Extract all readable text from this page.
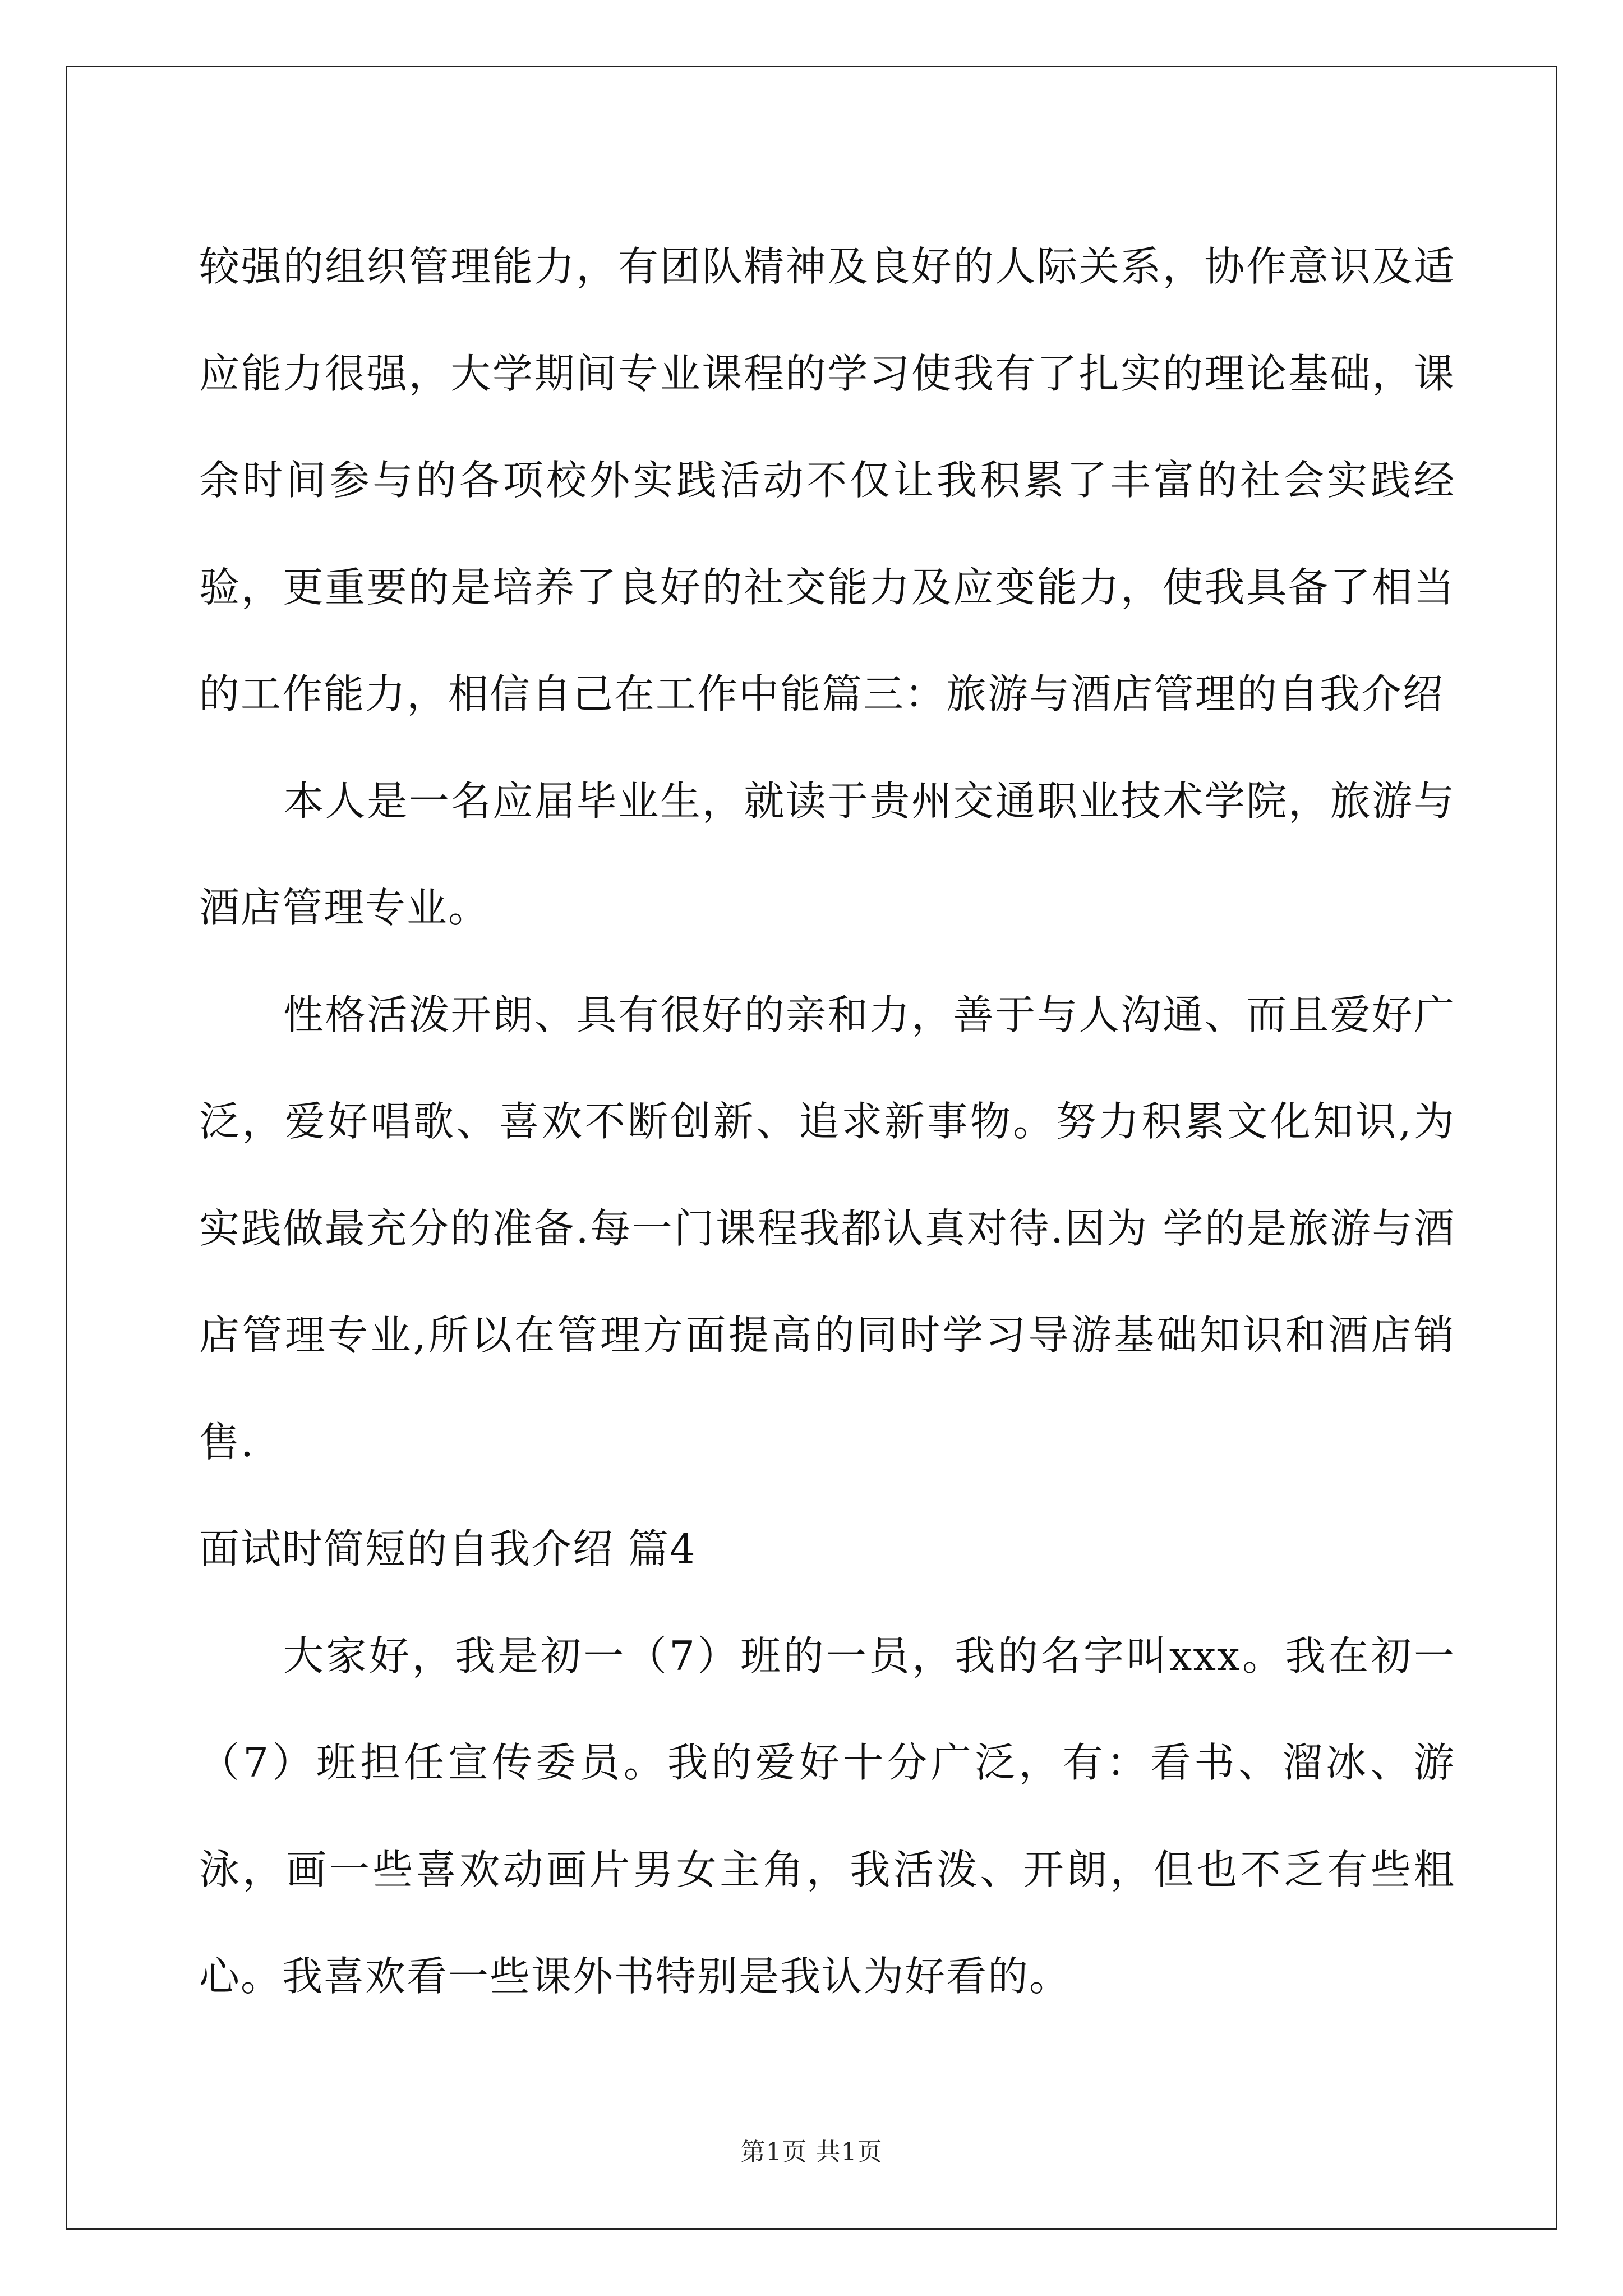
较强的组织管理能力，有团队精神及良好的人际关系，协作意识及适应能力很强，大学期间专业课程的学习使我有了扎实的理论基础，课余时间参与的各项校外实践活动不仅让我积累了丰富的社会实践经验，更重要的是培养了良好的社交能力及应变能力，使我具备了相当的工作能力，相信自己在工作中能篇三：旅游与酒店管理的自我介绍

本人是一名应届毕业生，就读于贵州交通职业技术学院，旅游与酒店管理专业。

性格活泼开朗、具有很好的亲和力，善于与人沟通、而且爱好广泛，爱好唱歌、喜欢不断创新、追求新事物。努力积累文化知识,为实践做最充分的准备.每一门课程我都认真对待.因为 学的是旅游与酒店管理专业,所以在管理方面提高的同时学习导游基础知识和酒店销售.

面试时简短的自我介绍 篇4

大家好，我是初一（7）班的一员，我的名字叫xxx。我在初一（7）班担任宣传委员。我的爱好十分广泛，有：看书、溜冰、游泳，画一些喜欢动画片男女主角，我活泼、开朗，但也不乏有些粗心。我喜欢看一些课外书特别是我认为好看的。

第1页 共1页
